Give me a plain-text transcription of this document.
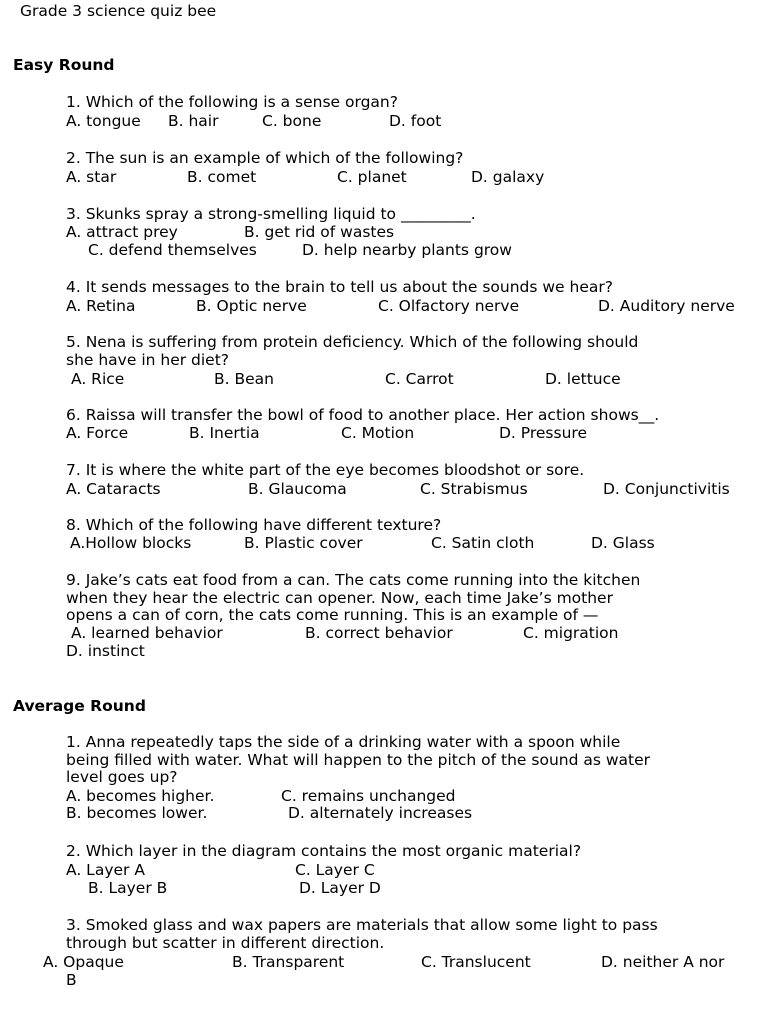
Grade 3 science quiz bee
Easy Round
1. Which of the following is a sense organ?
A. tongue B. hair	C. bone	D. foot
2. The sun is an example of which of the following?
A. star	B. comet	C. planet	D. galaxy
3. Skunks spray a strong-smelling liquid to _________.
A. attract prey	B. get rid of wastes
C. defend themselves	D. help nearby plants grow
4. It sends messages to the brain to tell us about the sounds we hear?
A. Retina	B. Optic nerve	C. Olfactory nerve	D. Auditory nerve
5. Nena is suffering from protein deficiency. Which of the following should
she have in her diet?
A. Rice	B. Bean	C. Carrot	D. lettuce
6. Raissa will transfer the bowl of food to another place. Her action shows__.
A. Force	B. Inertia	C. Motion	D. Pressure
7. It is where the white part of the eye becomes bloodshot or sore.
A. Cataracts	B. Glaucoma	C. Strabismus	D. Conjunctivitis
8. Which of the following have different texture?
A.Hollow blocks	B. Plastic cover	C. Satin cloth	D. Glass
9. Jake’s cats eat food from a can. The cats come running into the kitchen
when they hear the electric can opener. Now, each time Jake’s mother
opens a can of corn, the cats come running. This is an example of —
A. learned behavior	B. correct behavior	C. migration
D. instinct
Average Round
1. Anna repeatedly taps the side of a drinking water with a spoon while
being filled with water. What will happen to the pitch of the sound as water
level goes up?
A. becomes higher.	C. remains unchanged
B. becomes lower.	D. alternately increases
2. Which layer in the diagram contains the most organic material?
A. Layer A	C. Layer C
B. Layer B	D. Layer D
3. Smoked glass and wax papers are materials that allow some light to pass
through but scatter in different direction.
A. Opaque	B. Transparent	C. Translucent	D. neither A nor
B
